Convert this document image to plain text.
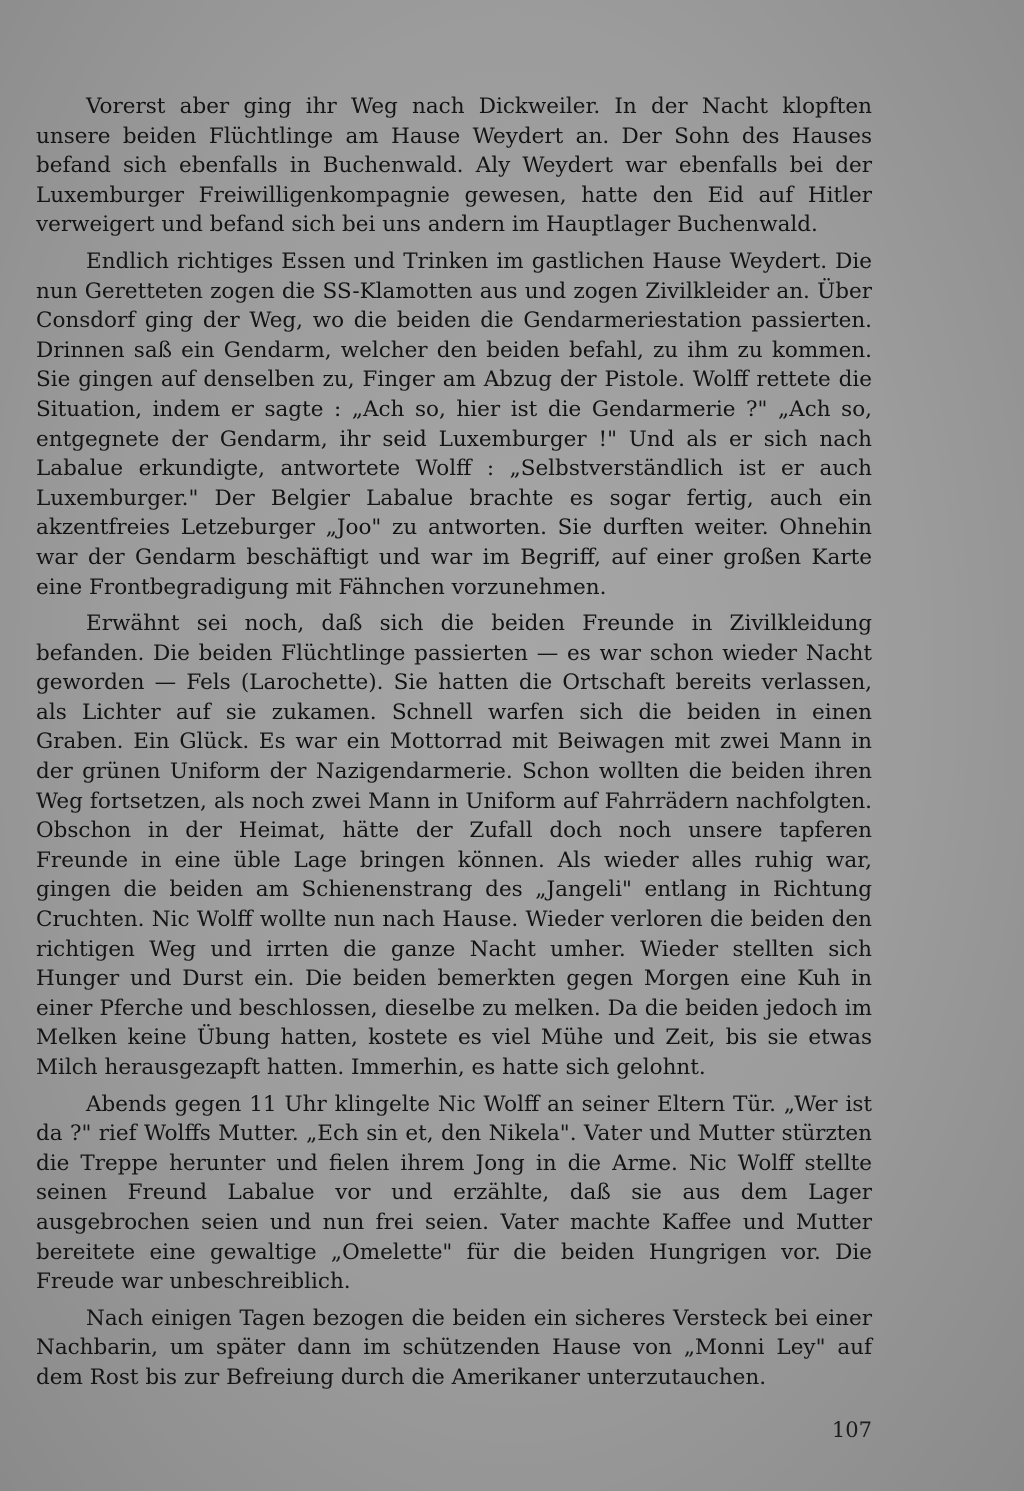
Vorerst aber ging ihr Weg nach Dickweiler. In der Nacht klopften unsere beiden Flüchtlinge am Hause Weydert an. Der Sohn des Hauses befand sich ebenfalls in Buchenwald. Aly Weydert war ebenfalls bei der Luxemburger Freiwilligenkompagnie gewesen, hatte den Eid auf Hitler verweigert und befand sich bei uns andern im Hauptlager Buchenwald.

Endlich richtiges Essen und Trinken im gastlichen Hause Weydert. Die nun Geretteten zogen die SS-Klamotten aus und zogen Zivilkleider an. Über Consdorf ging der Weg, wo die beiden die Gendarmeriestation passierten. Drinnen saß ein Gendarm, welcher den beiden befahl, zu ihm zu kommen. Sie gingen auf denselben zu, Finger am Abzug der Pistole. Wolff rettete die Situation, indem er sagte : „Ach so, hier ist die Gendarmerie ?" „Ach so, entgegnete der Gendarm, ihr seid Luxemburger !" Und als er sich nach Labalue erkundigte, antwortete Wolff : „Selbstverständlich ist er auch Luxemburger." Der Belgier Labalue brachte es sogar fertig, auch ein akzentfreies Letzeburger „Joo" zu antworten. Sie durften weiter. Ohnehin war der Gendarm beschäftigt und war im Begriff, auf einer großen Karte eine Frontbegradigung mit Fähnchen vorzunehmen.

Erwähnt sei noch, daß sich die beiden Freunde in Zivilkleidung befanden. Die beiden Flüchtlinge passierten — es war schon wieder Nacht geworden — Fels (Larochette). Sie hatten die Ortschaft bereits verlassen, als Lichter auf sie zukamen. Schnell warfen sich die beiden in einen Graben. Ein Glück. Es war ein Mottorrad mit Beiwagen mit zwei Mann in der grünen Uniform der Nazigendarmerie. Schon wollten die beiden ihren Weg fortsetzen, als noch zwei Mann in Uniform auf Fahrrädern nachfolgten. Obschon in der Heimat, hätte der Zufall doch noch unsere tapferen Freunde in eine üble Lage bringen können. Als wieder alles ruhig war, gingen die beiden am Schienenstrang des „Jangeli" entlang in Richtung Cruchten. Nic Wolff wollte nun nach Hause. Wieder verloren die beiden den richtigen Weg und irrten die ganze Nacht umher. Wieder stellten sich Hunger und Durst ein. Die beiden bemerkten gegen Morgen eine Kuh in einer Pferche und beschlossen, dieselbe zu melken. Da die beiden jedoch im Melken keine Übung hatten, kostete es viel Mühe und Zeit, bis sie etwas Milch herausgezapft hatten. Immerhin, es hatte sich gelohnt.

Abends gegen 11 Uhr klingelte Nic Wolff an seiner Eltern Tür. „Wer ist da ?" rief Wolffs Mutter. „Ech sin et, den Nikela". Vater und Mutter stürzten die Treppe herunter und fielen ihrem Jong in die Arme. Nic Wolff stellte seinen Freund Labalue vor und erzählte, daß sie aus dem Lager ausgebrochen seien und nun frei seien. Vater machte Kaffee und Mutter bereitete eine gewaltige „Omelette" für die beiden Hungrigen vor. Die Freude war unbeschreiblich.

Nach einigen Tagen bezogen die beiden ein sicheres Versteck bei einer Nachbarin, um später dann im schützenden Hause von „Monni Ley" auf dem Rost bis zur Befreiung durch die Amerikaner unterzutauchen.

107
